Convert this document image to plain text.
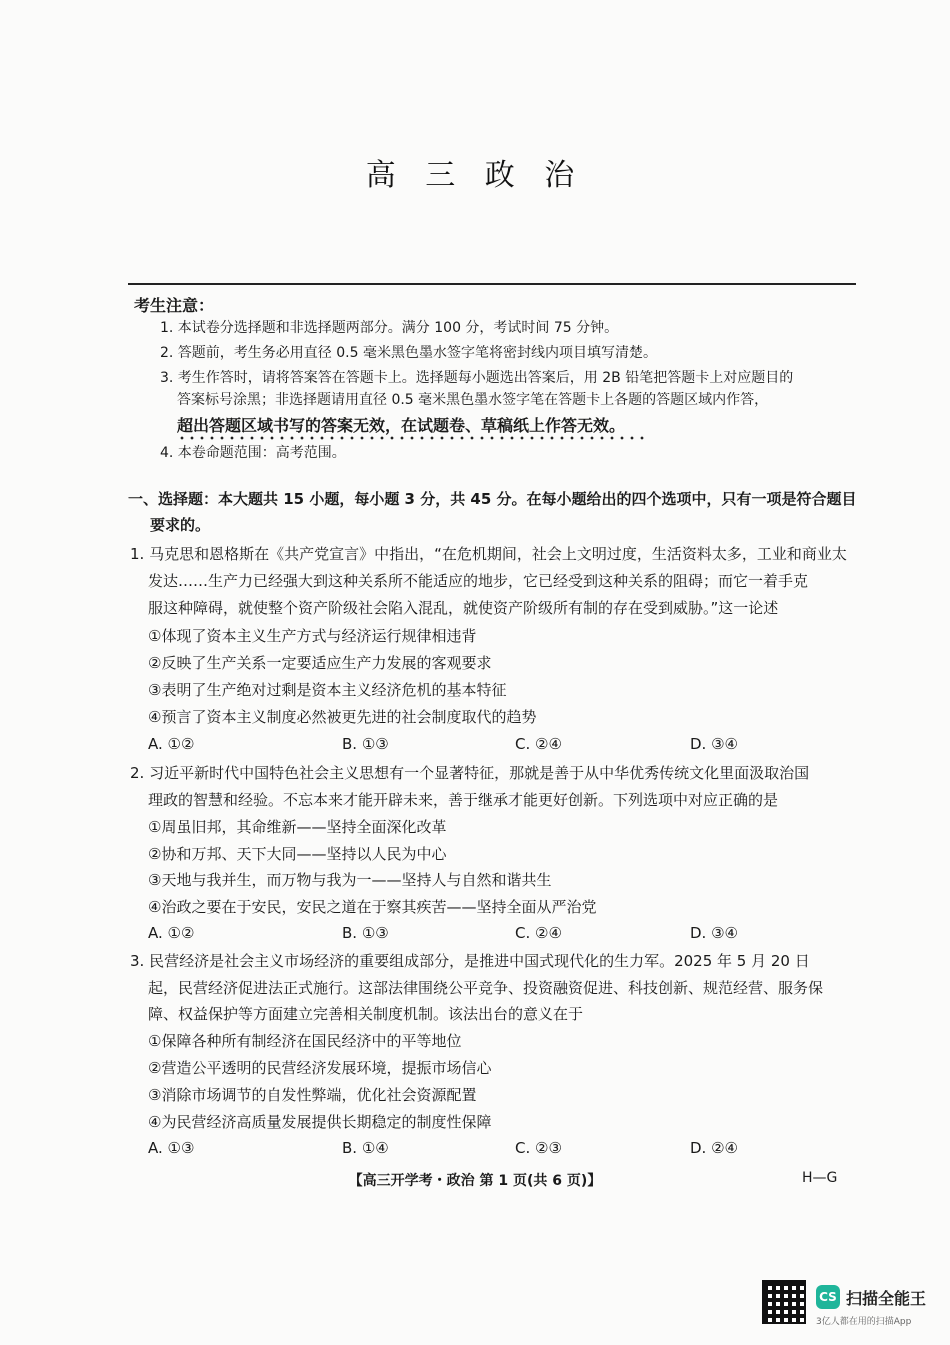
高 三 政 治
考生注意：
1. 本试卷分选择题和非选择题两部分。满分 100 分，考试时间 75 分钟。
2. 答题前，考生务必用直径 0.5 毫米黑色墨水签字笔将密封线内项目填写清楚。
3. 考生作答时，请将答案答在答题卡上。选择题每小题选出答案后，用 2B 铅笔把答题卡上对应题目的
答案标号涂黑；非选择题请用直径 0.5 毫米黑色墨水签字笔在答题卡上各题的答题区域内作答，
超出答题区域书写的答案无效，在试题卷、草稿纸上作答无效。
4. 本卷命题范围：高考范围。
一、选择题：本大题共 15 小题，每小题 3 分，共 45 分。在每小题给出的四个选项中，只有一项是符合题目
要求的。
1. 马克思和恩格斯在《共产党宣言》中指出，“在危机期间，社会上文明过度，生活资料太多，工业和商业太
发达……生产力已经强大到这种关系所不能适应的地步，它已经受到这种关系的阻碍；而它一着手克
服这种障碍，就使整个资产阶级社会陷入混乱，就使资产阶级所有制的存在受到威胁。”这一论述
①体现了资本主义生产方式与经济运行规律相违背
②反映了生产关系一定要适应生产力发展的客观要求
③表明了生产绝对过剩是资本主义经济危机的基本特征
④预言了资本主义制度必然被更先进的社会制度取代的趋势
A. ①②	B. ①③	C. ②④	D. ③④
2. 习近平新时代中国特色社会主义思想有一个显著特征，那就是善于从中华优秀传统文化里面汲取治国
理政的智慧和经验。不忘本来才能开辟未来，善于继承才能更好创新。下列选项中对应正确的是
①周虽旧邦，其命维新——坚持全面深化改革
②协和万邦、天下大同——坚持以人民为中心
③天地与我并生，而万物与我为一——坚持人与自然和谐共生
④治政之要在于安民，安民之道在于察其疾苦——坚持全面从严治党
A. ①②	B. ①③	C. ②④	D. ③④
3. 民营经济是社会主义市场经济的重要组成部分，是推进中国式现代化的生力军。2025 年 5 月 20 日
起，民营经济促进法正式施行。这部法律围绕公平竞争、投资融资促进、科技创新、规范经营、服务保
障、权益保护等方面建立完善相关制度机制。该法出台的意义在于
①保障各种所有制经济在国民经济中的平等地位
②营造公平透明的民营经济发展环境，提振市场信心
③消除市场调节的自发性弊端，优化社会资源配置
④为民营经济高质量发展提供长期稳定的制度性保障
A. ①③	B. ①④	C. ②③	D. ②④
【高三开学考・政治 第 1 页(共 6 页)】	H—G
CS 扫描全能王
3亿人都在用的扫描App
